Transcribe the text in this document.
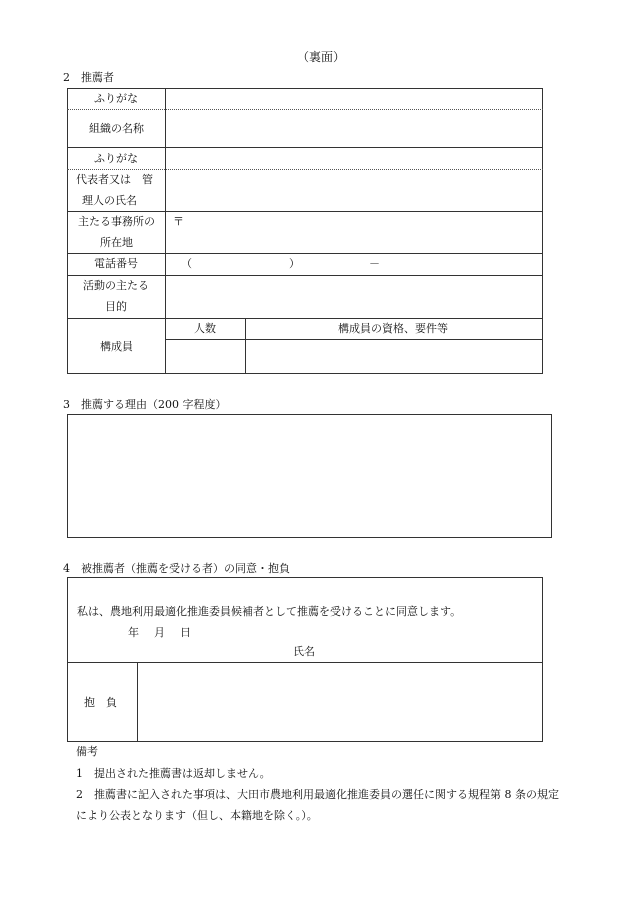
（裏面）
2　推薦者
ふりがな
組織の名称
ふりがな
代表者又は　管
理人の氏名
主たる事務所の
所在地
〒
電話番号	（	）	－
活動の主たる
目的
構成員
人数	構成員の資格、要件等
3　推薦する理由（200 字程度）
4　被推薦者（推薦を受ける者）の同意・抱負
私は、農地利用最適化推進委員候補者として推薦を受けることに同意します。
年 月 日
氏名
抱　負
備考
1　提出された推薦書は返却しません。
2　推薦書に記入された事項は、大田市農地利用最適化推進委員の選任に関する規程第 8 条の規定
により公表となります（但し、本籍地を除く。）。
